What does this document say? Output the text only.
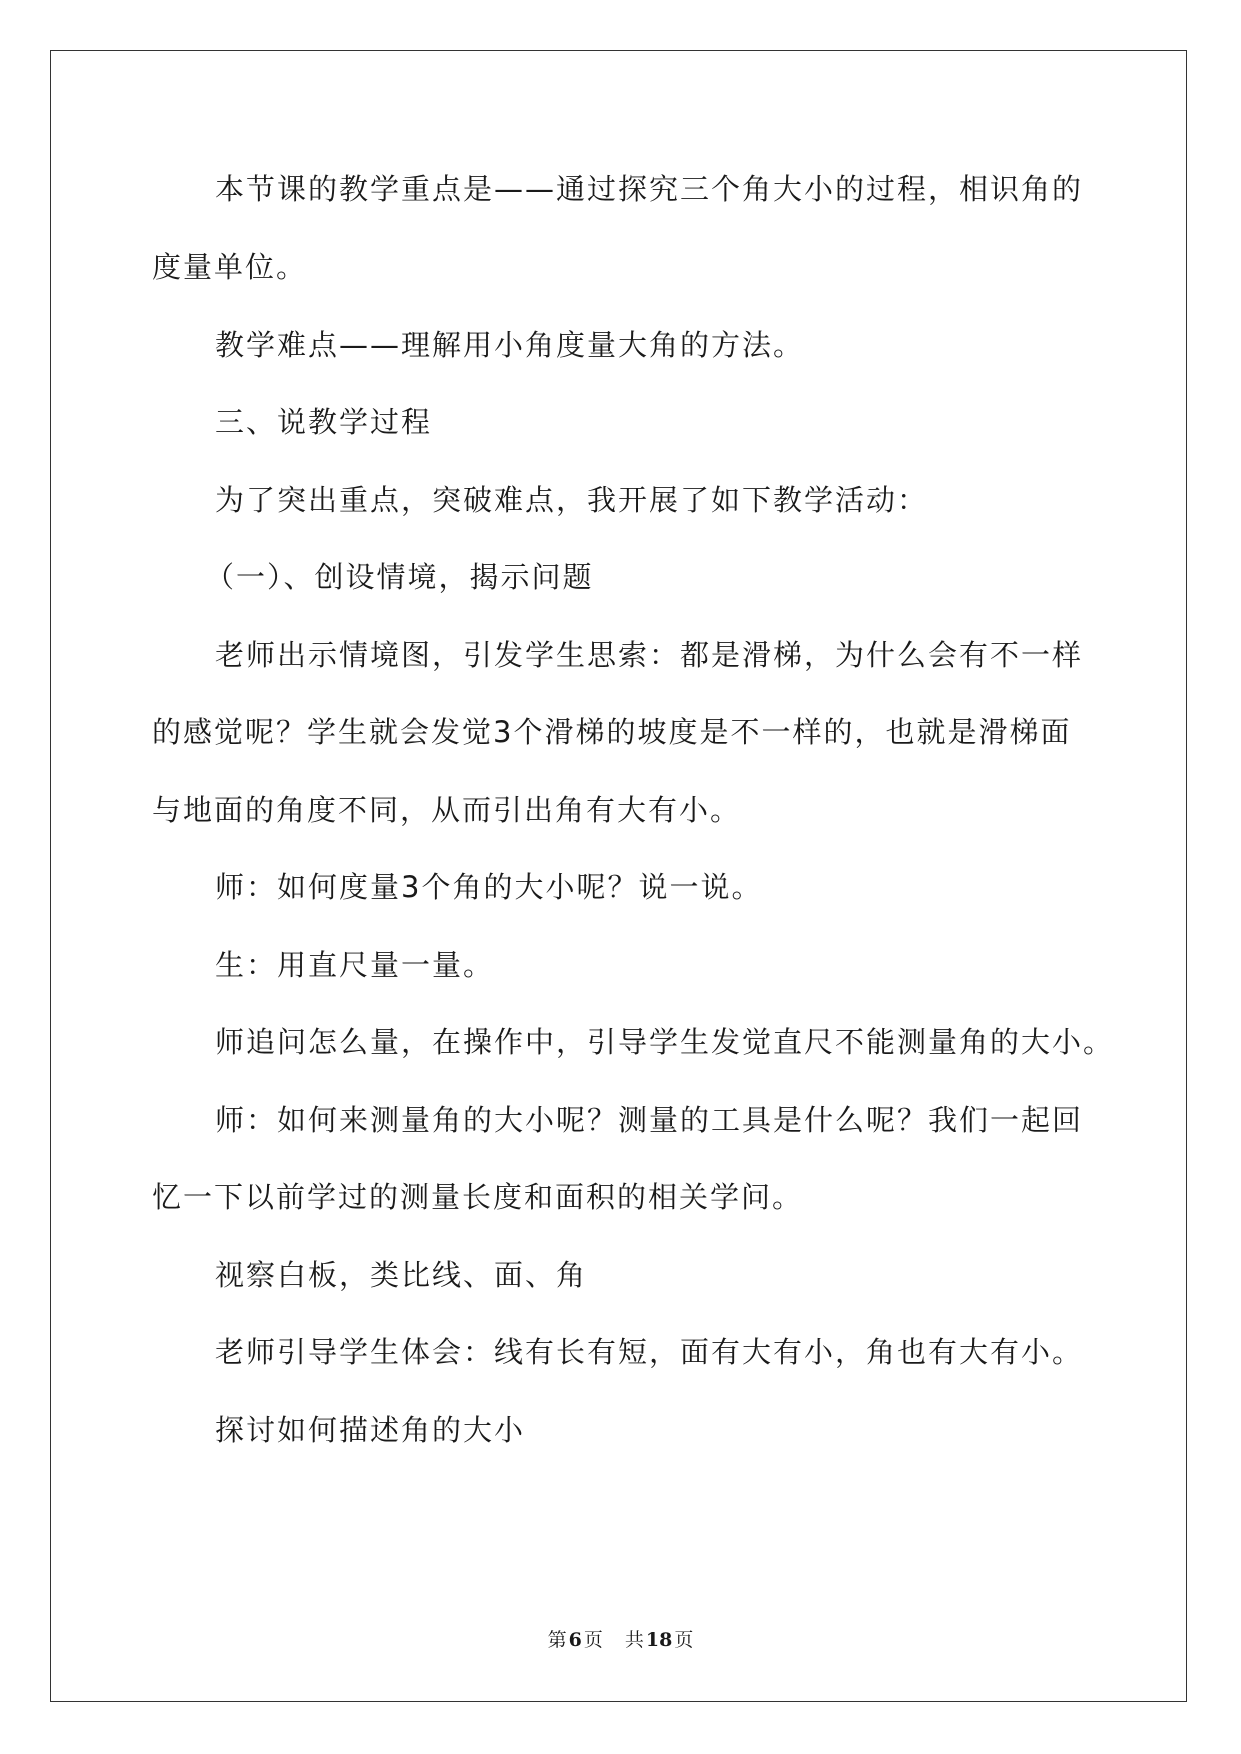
本节课的教学重点是——通过探究三个角大小的过程，相识角的

度量单位。

教学难点——理解用小角度量大角的方法。

三、说教学过程

为了突出重点，突破难点，我开展了如下教学活动：

（一）、创设情境，揭示问题

老师出示情境图，引发学生思索：都是滑梯，为什么会有不一样

的感觉呢？学生就会发觉3个滑梯的坡度是不一样的，也就是滑梯面

与地面的角度不同，从而引出角有大有小。

师：如何度量3个角的大小呢？说一说。

生：用直尺量一量。

师追问怎么量，在操作中，引导学生发觉直尺不能测量角的大小。

师：如何来测量角的大小呢？测量的工具是什么呢？我们一起回

忆一下以前学过的测量长度和面积的相关学问。

视察白板，类比线、面、角

老师引导学生体会：线有长有短，面有大有小，角也有大有小。

探讨如何描述角的大小

第 6 页 共 18 页
